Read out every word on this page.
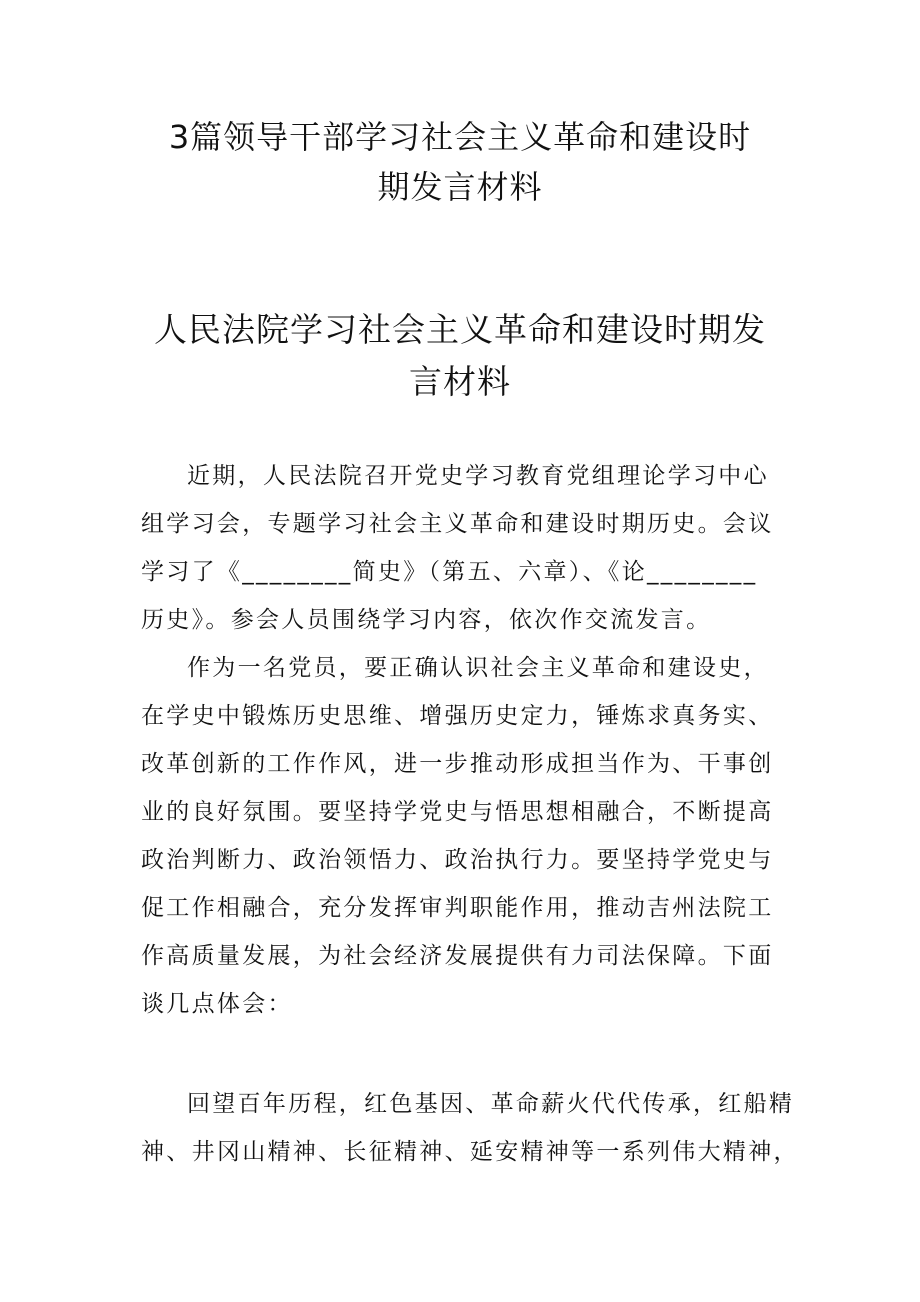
3篇领导干部学习社会主义革命和建设时
期发言材料
人民法院学习社会主义革命和建设时期发
言材料
近期，人民法院召开党史学习教育党组理论学习中心
组学习会，专题学习社会主义革命和建设时期历史。会议
学习了《________简史》（第五、六章）、《论________
历史》。参会人员围绕学习内容，依次作交流发言。
作为一名党员，要正确认识社会主义革命和建设史，
在学史中锻炼历史思维、增强历史定力，锤炼求真务实、
改革创新的工作作风，进一步推动形成担当作为、干事创
业的良好氛围。要坚持学党史与悟思想相融合，不断提高
政治判断力、政治领悟力、政治执行力。要坚持学党史与
促工作相融合，充分发挥审判职能作用，推动吉州法院工
作高质量发展，为社会经济发展提供有力司法保障。下面
谈几点体会：
回望百年历程，红色基因、革命薪火代代传承，红船精
神、井冈山精神、长征精神、延安精神等一系列伟大精神，
